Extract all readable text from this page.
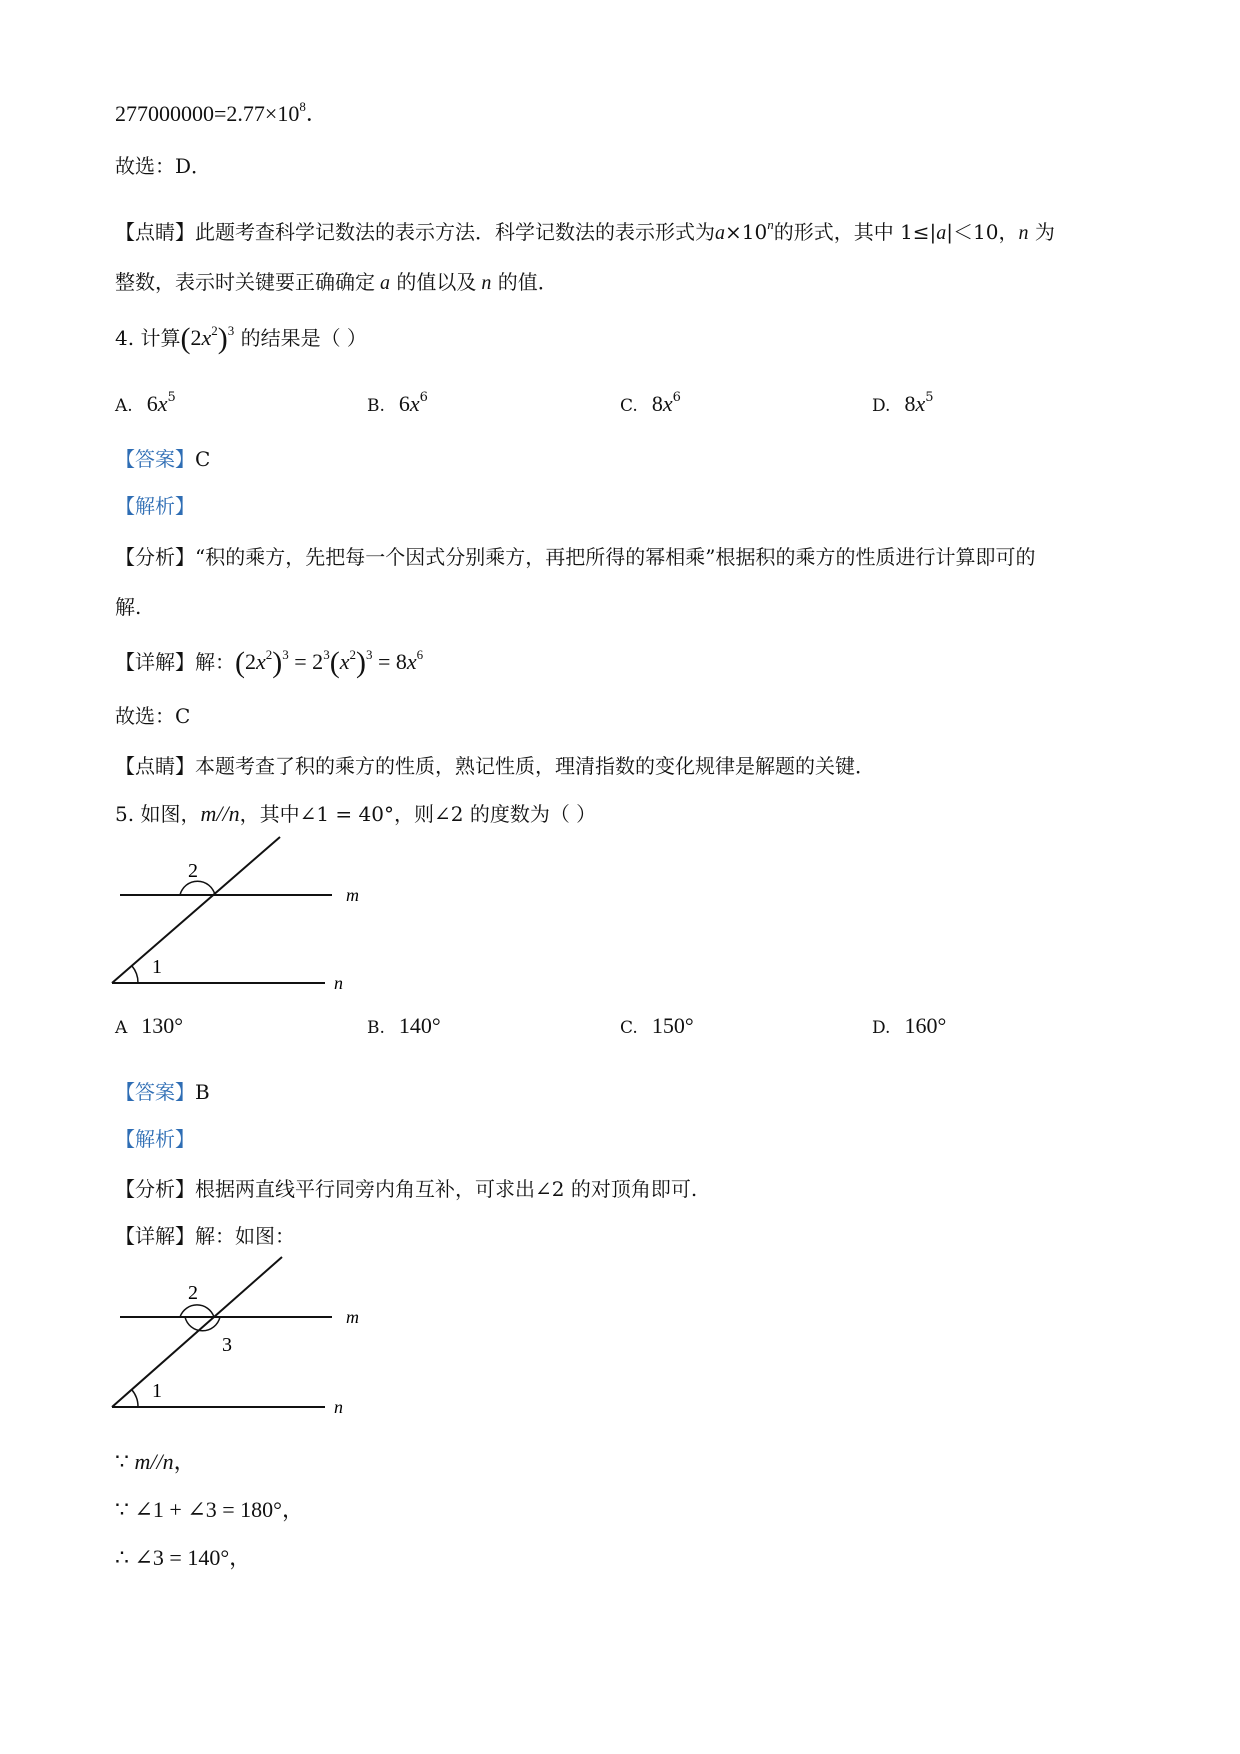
$277000000=2.77\times 10^8$．
故选：D．
【点睛】此题考查科学记数法的表示方法．科学记数法的表示形式为$a\times 10^n$的形式，其中 1≤|a|＜10，n 为
整数，表示时关键要正确确定 a 的值以及 n 的值．
4. 计算$(2x^2)^3$ 的结果是（ ）
A. $6x^5$	B. $6x^6$	C. $8x^6$	D. $8x^5$
【答案】C
【解析】
【分析】“积的乘方，先把每一个因式分别乘方，再把所得的幂相乘”根据积的乘方的性质进行计算即可的
解.
【详解】解：$(2x^2)^3 = 2^3(x^2)^3 = 8x^6$
故选：C
【点睛】本题考查了积的乘方的性质，熟记性质，理清指数的变化规律是解题的关键．
5. 如图，m//n，其中∠1 = 40°，则∠2 的度数为（ ）
2
1
m
n
A 130°	B. 140°	C. 150°	D. 160°
【答案】B
【解析】
【分析】根据两直线平行同旁内角互补，可求出∠2 的对顶角即可.
【详解】解：如图：
2
3
1
m
n
∵ m//n，
∵ ∠1 + ∠3 = 180°，
∴ ∠3 = 140°，
